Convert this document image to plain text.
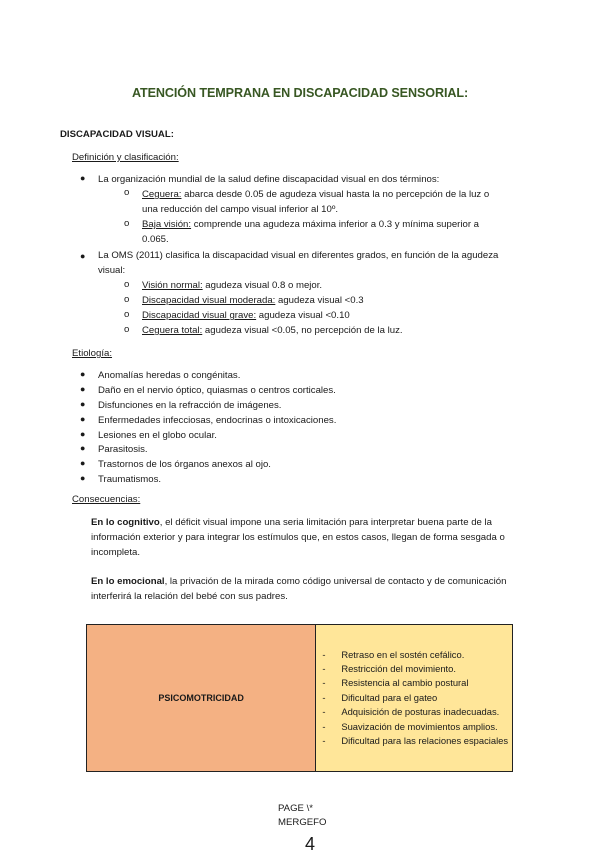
ATENCIÓN TEMPRANA EN DISCAPACIDAD SENSORIAL:
DISCAPACIDAD VISUAL:
Definición y clasificación:
● La organización mundial de la salud define discapacidad visual en dos términos:
o Ceguera: abarca desde 0.05 de agudeza visual hasta la no percepción de la luz o una reducción del campo visual inferior al 10º.
o Baja visión: comprende una agudeza máxima inferior a 0.3 y mínima superior a 0.065.
● La OMS (2011) clasifica la discapacidad visual en diferentes grados, en función de la agudeza visual:
o Visión normal: agudeza visual 0.8 o mejor.
o Discapacidad visual moderada: agudeza visual <0.3
o Discapacidad visual grave: agudeza visual <0.10
o Ceguera total: agudeza visual <0.05, no percepción de la luz.
Etiología:
● Anomalías heredas o congénitas.
● Daño en el nervio óptico, quiasmas o centros corticales.
● Disfunciones en la refracción de imágenes.
● Enfermedades infecciosas, endocrinas o intoxicaciones.
● Lesiones en el globo ocular.
● Parasitosis.
● Trastornos de los órganos anexos al ojo.
● Traumatismos.
Consecuencias:
En lo cognitivo, el déficit visual impone una seria limitación para interpretar buena parte de la información exterior y para integrar los estímulos que, en estos casos, llegan de forma sesgada o incompleta.
En lo emocional, la privación de la mirada como código universal de contacto y de comunicación interferirá la relación del bebé con sus padres.
PSICOMOTRICIDAD	
- Retraso en el sostén cefálico.
- Restricción del movimiento.
- Resistencia al cambio postural
- Dificultad para el gateo
- Adquisición de posturas inadecuadas.
- Suavización de movimientos amplios.
- Dificultad para las relaciones espaciales
PAGE \*
MERGEFO
4
